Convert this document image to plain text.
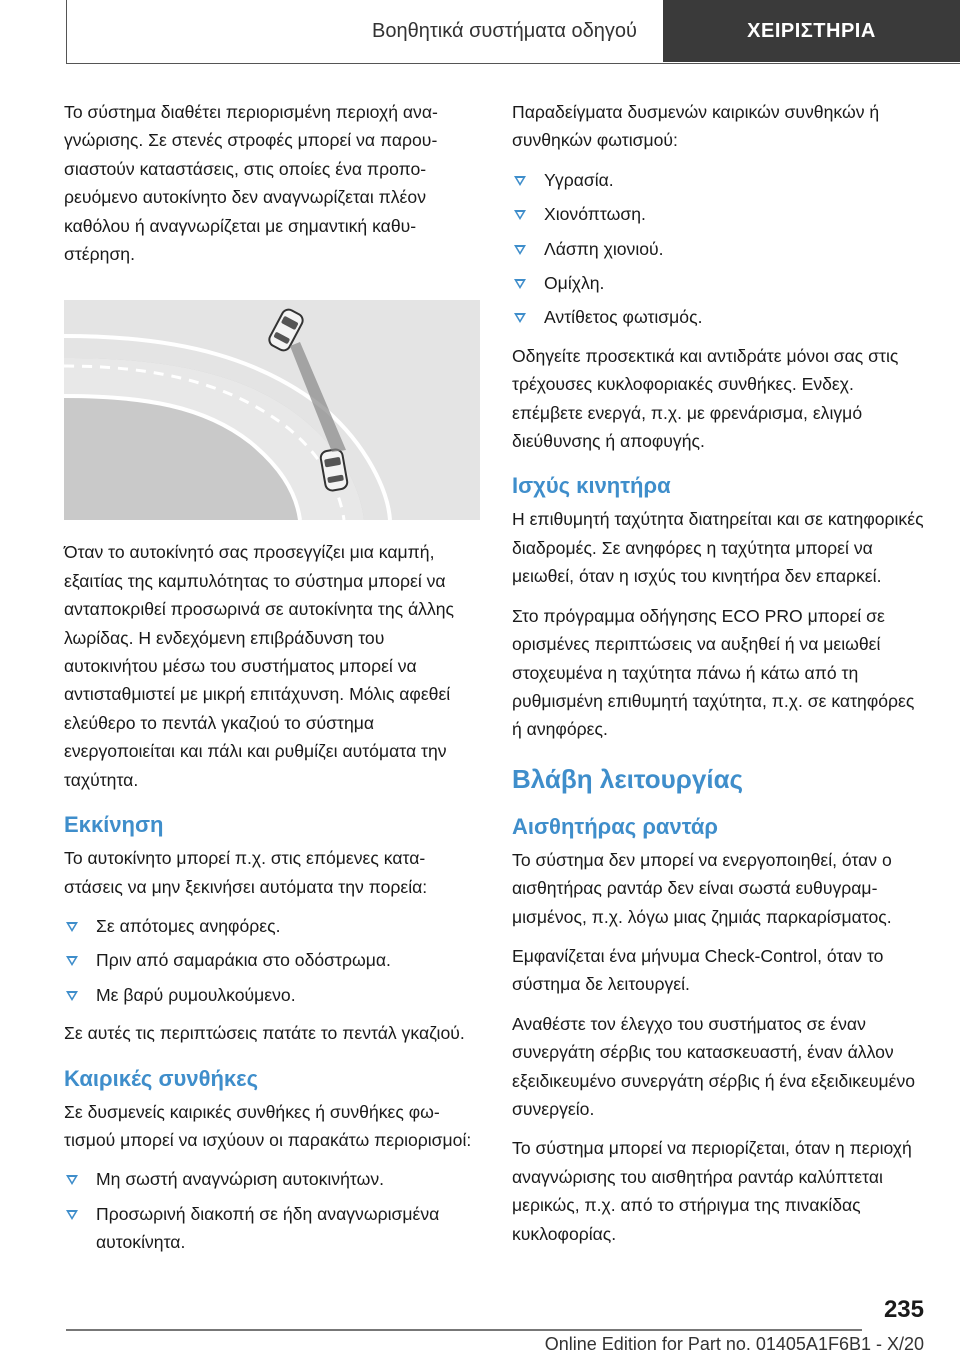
Βοηθητικά συστήματα οδηγού	ΧΕΙΡΙΣΤΗΡΙΑ

Το σύστημα διαθέτει περιορισμένη περιοχή αναγνώρισης. Σε στενές στροφές μπορεί να παρουσιαστούν καταστάσεις, στις οποίες ένα προπορευόμενο αυτοκίνητο δεν αναγνωρίζεται πλέον καθόλου ή αναγνωρίζεται με σημαντική καθυστέρηση.

Όταν το αυτοκίνητό σας προσεγγίζει μια καμπή, εξαιτίας της καμπυλότητας το σύστημα μπορεί να ανταποκριθεί προσωρινά σε αυτοκίνητα της άλλης λωρίδας. Η ενδεχόμενη επιβράδυνση του αυτοκινήτου μέσω του συστήματος μπορεί να αντισταθμιστεί με μικρή επιτάχυνση. Μόλις αφεθεί ελεύθερο το πεντάλ γκαζιού το σύστημα ενεργοποιείται και πάλι και ρυθμίζει αυτόματα την ταχύτητα.

Εκκίνηση

Το αυτοκίνητο μπορεί π.χ. στις επόμενες καταστάσεις να μην ξεκινήσει αυτόματα την πορεία:

Σε απότομες ανηφόρες.
Πριν από σαμαράκια στο οδόστρωμα.
Με βαρύ ρυμουλκούμενο.

Σε αυτές τις περιπτώσεις πατάτε το πεντάλ γκαζιού.

Καιρικές συνθήκες

Σε δυσμενείς καιρικές συνθήκες ή συνθήκες φωτισμού μπορεί να ισχύουν οι παρακάτω περιορισμοί:

Μη σωστή αναγνώριση αυτοκινήτων.
Προσωρινή διακοπή σε ήδη αναγνωρισμένα αυτοκίνητα.

Παραδείγματα δυσμενών καιρικών συνθηκών ή συνθηκών φωτισμού:

Υγρασία.
Χιονόπτωση.
Λάσπη χιονιού.
Ομίχλη.
Αντίθετος φωτισμός.

Οδηγείτε προσεκτικά και αντιδράτε μόνοι σας στις τρέχουσες κυκλοφοριακές συνθήκες. Ενδεχ. επέμβετε ενεργά, π.χ. με φρενάρισμα, ελιγμό διεύθυνσης ή αποφυγής.

Ισχύς κινητήρα

Η επιθυμητή ταχύτητα διατηρείται και σε κατηφορικές διαδρομές. Σε ανηφόρες η ταχύτητα μπορεί να μειωθεί, όταν η ισχύς του κινητήρα δεν επαρκεί.

Στο πρόγραμμα οδήγησης ECO PRO μπορεί σε ορισμένες περιπτώσεις να αυξηθεί ή να μειωθεί στοχευμένα η ταχύτητα πάνω ή κάτω από τη ρυθμισμένη επιθυμητή ταχύτητα, π.χ. σε κατηφόρες ή ανηφόρες.

Βλάβη λειτουργίας
Αισθητήρας ραντάρ

Το σύστημα δεν μπορεί να ενεργοποιηθεί, όταν ο αισθητήρας ραντάρ δεν είναι σωστά ευθυγραμμισμένος, π.χ. λόγω μιας ζημιάς παρκαρίσματος.

Εμφανίζεται ένα μήνυμα Check-Control, όταν το σύστημα δε λειτουργεί.

Αναθέστε τον έλεγχο του συστήματος σε έναν συνεργάτη σέρβις του κατασκευαστή, έναν άλλον εξειδικευμένο συνεργάτη σέρβις ή ένα εξειδικευμένο συνεργείο.

Το σύστημα μπορεί να περιορίζεται, όταν η περιοχή αναγνώρισης του αισθητήρα ραντάρ καλύπτεται μερικώς, π.χ. από το στήριγμα της πινακίδας κυκλοφορίας.

235
Online Edition for Part no. 01405A1F6B1 - X/20
